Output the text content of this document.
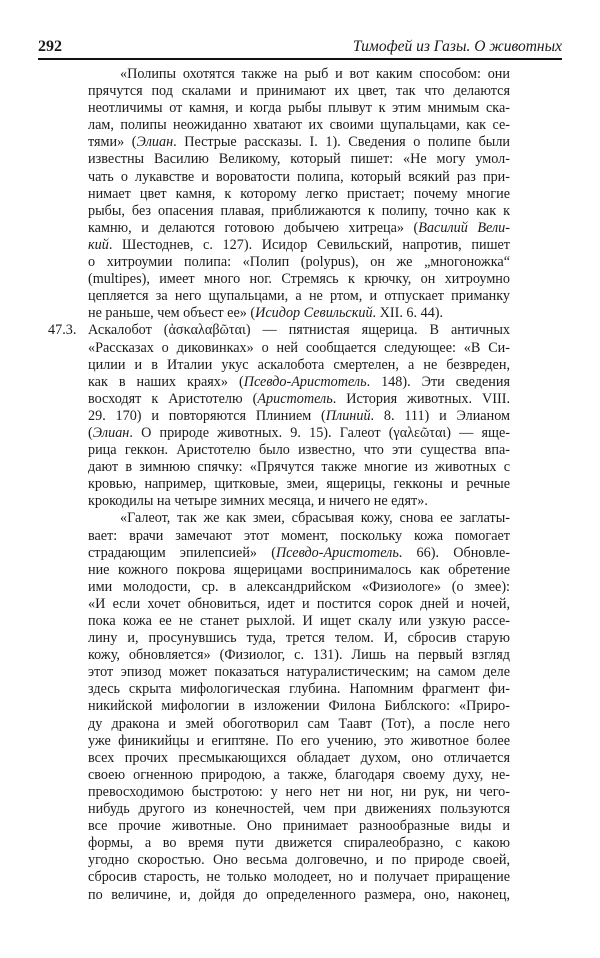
292	Тимофей из Газы. О животных
«Полипы охотятся также на рыб и вот каким способом: они
прячутся под скалами и принимают их цвет, так что делаются
неотличимы от камня, и когда рыбы плывут к этим мнимым ска-
лам, полипы неожиданно хватают их своими щупальцами, как се-
тями» (Элиан. Пестрые рассказы. I. 1). Сведения о полипе были
известны Василию Великому, который пишет: «Не могу умол-
чать о лукавстве и вороватости полипа, который всякий раз при-
нимает цвет камня, к которому легко пристает; почему многие
рыбы, без опасения плавая, приближаются к полипу, точно как к
камню, и делаются готовою добычею хитреца» (Василий Вели-
кий. Шестоднев, с. 127). Исидор Севильский, напротив, пишет
о хитроумии полипа: «Полип (polypus), он же „многоножка“
(multipes), имеет много ног. Стремясь к крючку, он хитроумно
цепляется за него щупальцами, а не ртом, и отпускает приманку
не раньше, чем объест ее» (Исидор Севильский. XII. 6. 44).
47.3. Аскалобот (ἀσκαλαβῶται) — пятнистая ящерица. В античных
«Рассказах о диковинках» о ней сообщается следующее: «В Си-
цилии и в Италии укус аскалобота смертелен, а не безвреден,
как в наших краях» (Псевдо-Аристотель. 148). Эти сведения
восходят к Аристотелю (Аристотель. История животных. VIII.
29. 170) и повторяются Плинием (Плиний. 8. 111) и Элианом
(Элиан. О природе животных. 9. 15). Галеот (γαλεῶται) — яще-
рица геккон. Аристотелю было известно, что эти существа впа-
дают в зимнюю спячку: «Прячутся также многие из животных с
кровью, например, щитковые, змеи, ящерицы, гекконы и речные
крокодилы на четыре зимних месяца, и ничего не едят».
«Галеот, так же как змеи, сбрасывая кожу, снова ее заглаты-
вает: врачи замечают этот момент, поскольку кожа помогает
страдающим эпилепсией» (Псевдо-Аристотель. 66). Обновле-
ние кожного покрова ящерицами воспринималось как обретение
ими молодости, ср. в александрийском «Физиологе» (о змее):
«И если хочет обновиться, идет и постится сорок дней и ночей,
пока кожа ее не станет рыхлой. И ищет скалу или узкую рассе-
лину и, просунувшись туда, трется телом. И, сбросив старую
кожу, обновляется» (Физиолог, с. 131). Лишь на первый взгляд
этот эпизод может показаться натуралистическим; на самом деле
здесь скрыта мифологическая глубина. Напомним фрагмент фи-
никийской мифологии в изложении Филона Библского: «Приро-
ду дракона и змей обоготворил сам Таавт (Тот), а после него
уже финикийцы и египтяне. По его учению, это животное более
всех прочих пресмыкающихся обладает духом, оно отличается
своею огненною природою, а также, благодаря своему духу, не-
превосходимою быстротою: у него нет ни ног, ни рук, ни чего-
нибудь другого из конечностей, чем при движениях пользуются
все прочие животные. Оно принимает разнообразные виды и
формы, а во время пути движется спиралеобразно, с какою
угодно скоростью. Оно весьма долговечно, и по природе своей,
сбросив старость, не только молодеет, но и получает приращение
по величине, и, дойдя до определенного размера, оно, наконец,
